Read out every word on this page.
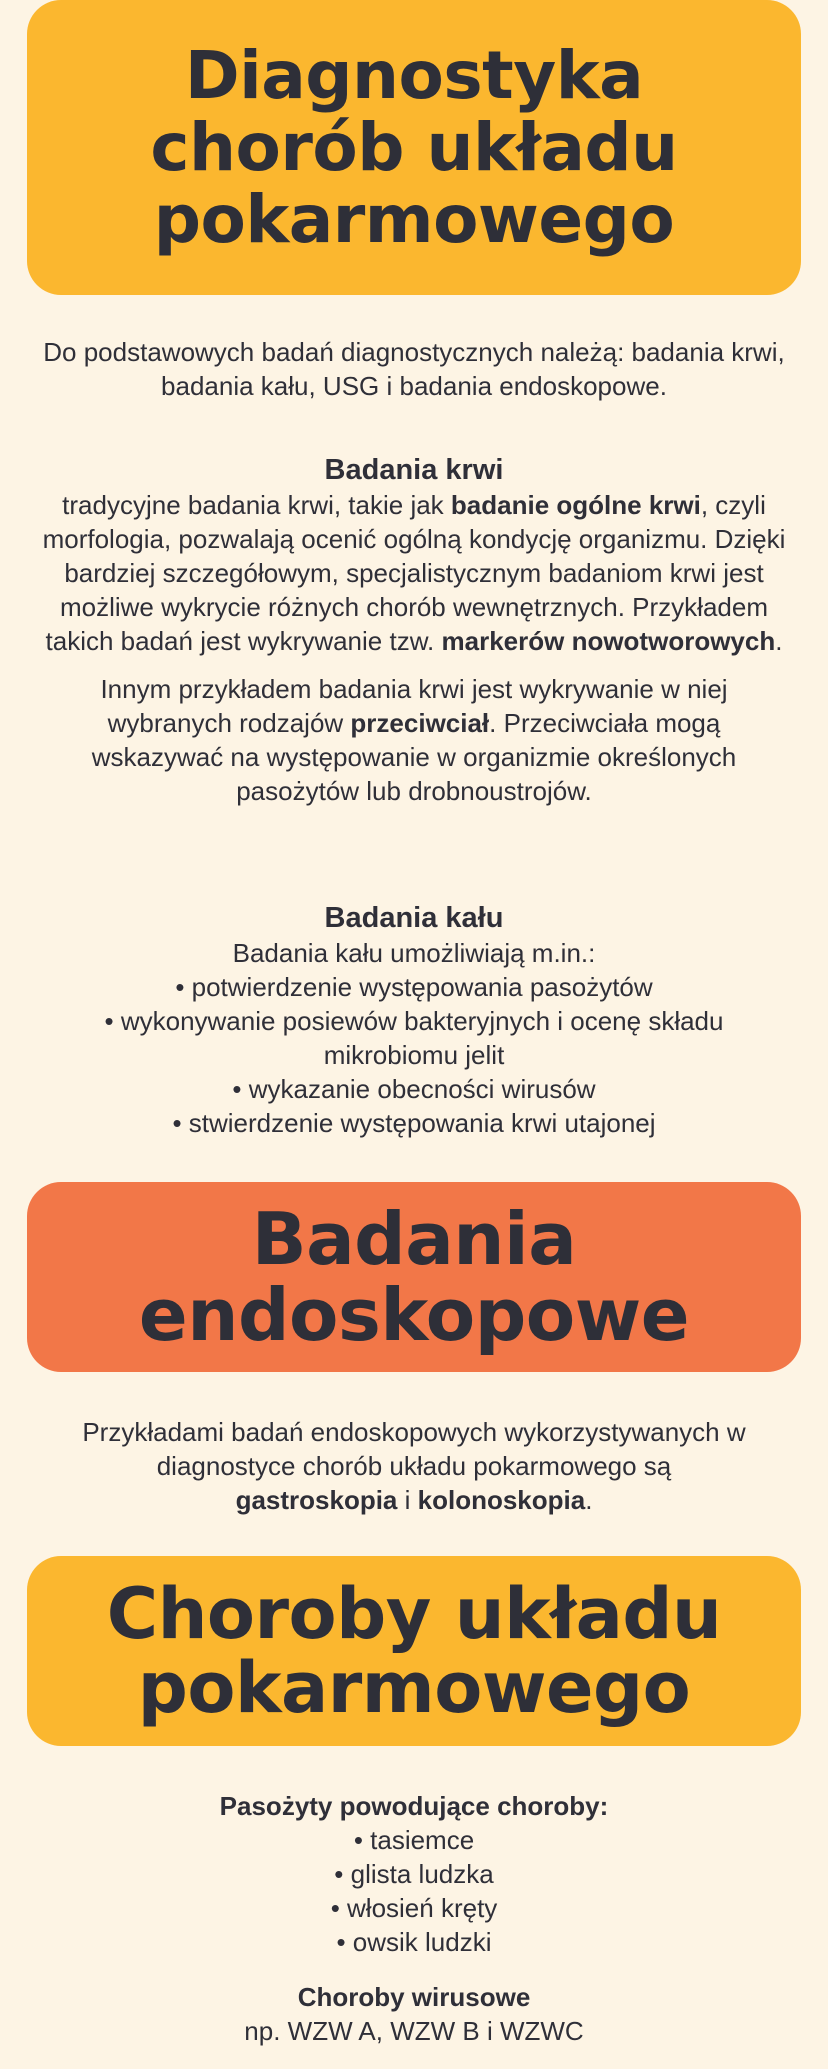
Diagnostyka
chorób układu
pokarmowego

Do podstawowych badań diagnostycznych należą: badania krwi, badania kału, USG i badania endoskopowe.

Badania krwi

tradycyjne badania krwi, takie jak badanie ogólne krwi, czyli morfologia, pozwalają ocenić ogólną kondycję organizmu. Dzięki bardziej szczegółowym, specjalistycznym badaniom krwi jest możliwe wykrycie różnych chorób wewnętrznych. Przykładem takich badań jest wykrywanie tzw. markerów nowotworowych.

Innym przykładem badania krwi jest wykrywanie w niej wybranych rodzajów przeciwciał. Przeciwciała mogą wskazywać na występowanie w organizmie określonych pasożytów lub drobnoustrojów.

Badania kału

Badania kału umożliwiają m.in.:

• potwierdzenie występowania pasożytów
• wykonywanie posiewów bakteryjnych i ocenę składu mikrobiomu jelit
• wykazanie obecności wirusów
• stwierdzenie występowania krwi utajonej
Badania
endoskopowe

Przykładami badań endoskopowych wykorzystywanych w diagnostyce chorób układu pokarmowego są gastroskopia i kolonoskopia.

Choroby układu
pokarmowego

Pasożyty powodujące choroby:

• tasiemce
• glista ludzka
• włosień kręty
• owsik ludzki

Choroby wirusowe

np. WZW A, WZW B i WZWC
